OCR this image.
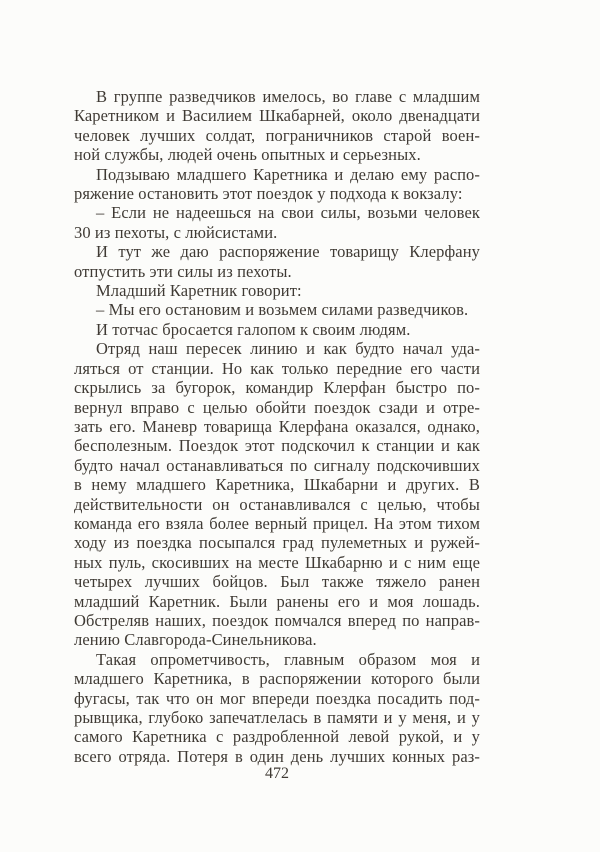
В группе разведчиков имелось, во главе с младшим
Каретником и Василием Шкабарней, около двенадцати
человек лучших солдат, пограничников старой воен-
ной службы, людей очень опытных и серьезных.
Подзываю младшего Каретника и делаю ему распо-
ряжение остановить этот поездок у подхода к вокзалу:
– Если не надеешься на свои силы, возьми человек
30 из пехоты, с люйсистами.
И тут же даю распоряжение товарищу Клерфану
отпустить эти силы из пехоты.
Младший Каретник говорит:
– Мы его остановим и возьмем силами разведчиков.
И тотчас бросается галопом к своим людям.
Отряд наш пересек линию и как будто начал уда-
ляться от станции. Но как только передние его части
скрылись за бугорок, командир Клерфан быстро по-
вернул вправо с целью обойти поездок сзади и отре-
зать его. Маневр товарища Клерфана оказался, однако,
бесполезным. Поездок этот подскочил к станции и как
будто начал останавливаться по сигналу подскочивших
в нему младшего Каретника, Шкабарни и других. В
действительности он останавливался с целью, чтобы
команда его взяла более верный прицел. На этом тихом
ходу из поездка посыпался град пулеметных и ружей-
ных пуль, скосивших на месте Шкабарню и с ним еще
четырех лучших бойцов. Был также тяжело ранен
младший Каретник. Были ранены его и моя лошадь.
Обстреляв наших, поездок помчался вперед по направ-
лению Славгорода-Синельникова.
Такая опрометчивость, главным образом моя и
младшего Каретника, в распоряжении которого были
фугасы, так что он мог впереди поездка посадить под-
рывщика, глубоко запечатлелась в памяти и у меня, и у
самого Каретника с раздробленной левой рукой, и у
всего отряда. Потеря в один день лучших конных раз-
472
